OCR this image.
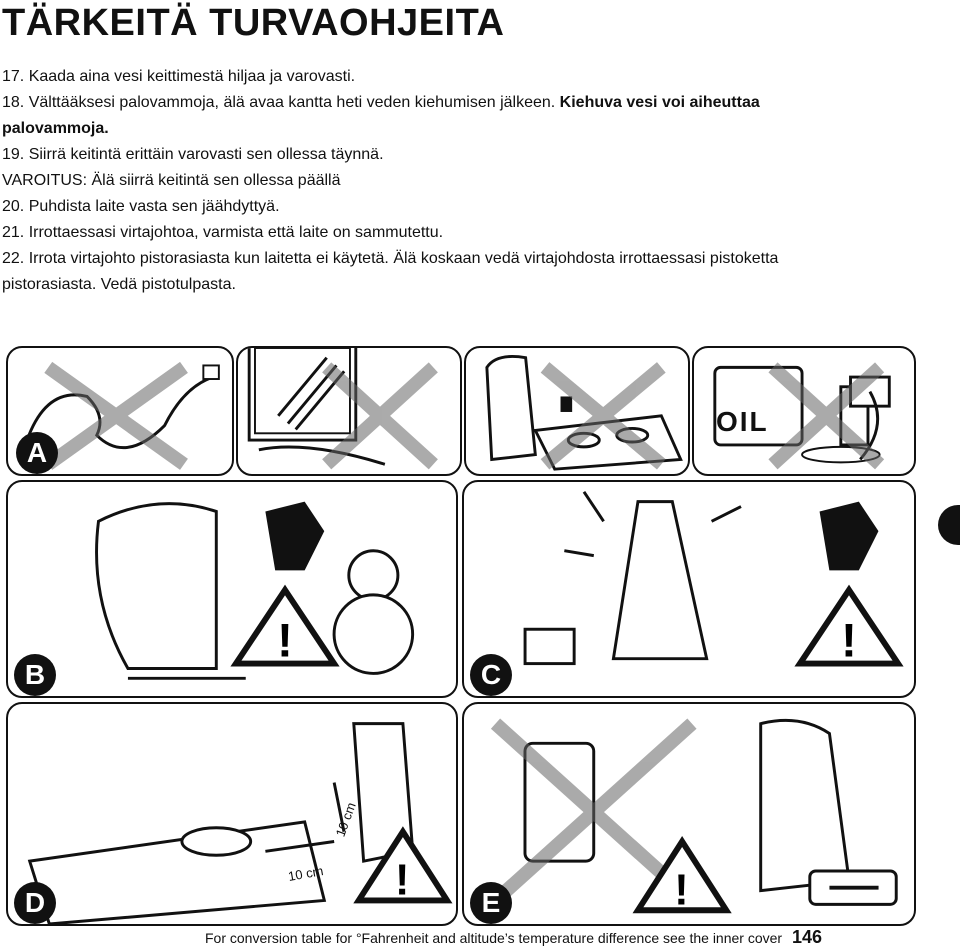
TÄRKEITÄ TURVAOHJEITA
17. Kaada aina vesi keittimestä hiljaa ja varovasti.
18. Välttääksesi palovammoja, älä avaa kantta heti veden kiehumisen jälkeen. Kiehuva vesi voi aiheuttaa
palovammoja.
19. Siirrä keitintä erittäin varovasti sen ollessa täynnä.
VAROITUS: Älä siirrä keitintä sen ollessa päällä
20. Puhdista laite vasta sen jäähdyttyä.
21. Irrottaessasi virtajohtoa, varmista että laite on sammutettu.
22. Irrota virtajohto pistorasiasta kun laitetta ei käytetä. Älä koskaan vedä virtajohdosta irrottaessasi pistoketta
pistorasiasta. Vedä pistotulpasta.
A
OIL
!
B
!
C
!
10 cm
10 cm
D	!
E
For conversion table for °Fahrenheit and altitude’s temperature difference see the inner cover 146
